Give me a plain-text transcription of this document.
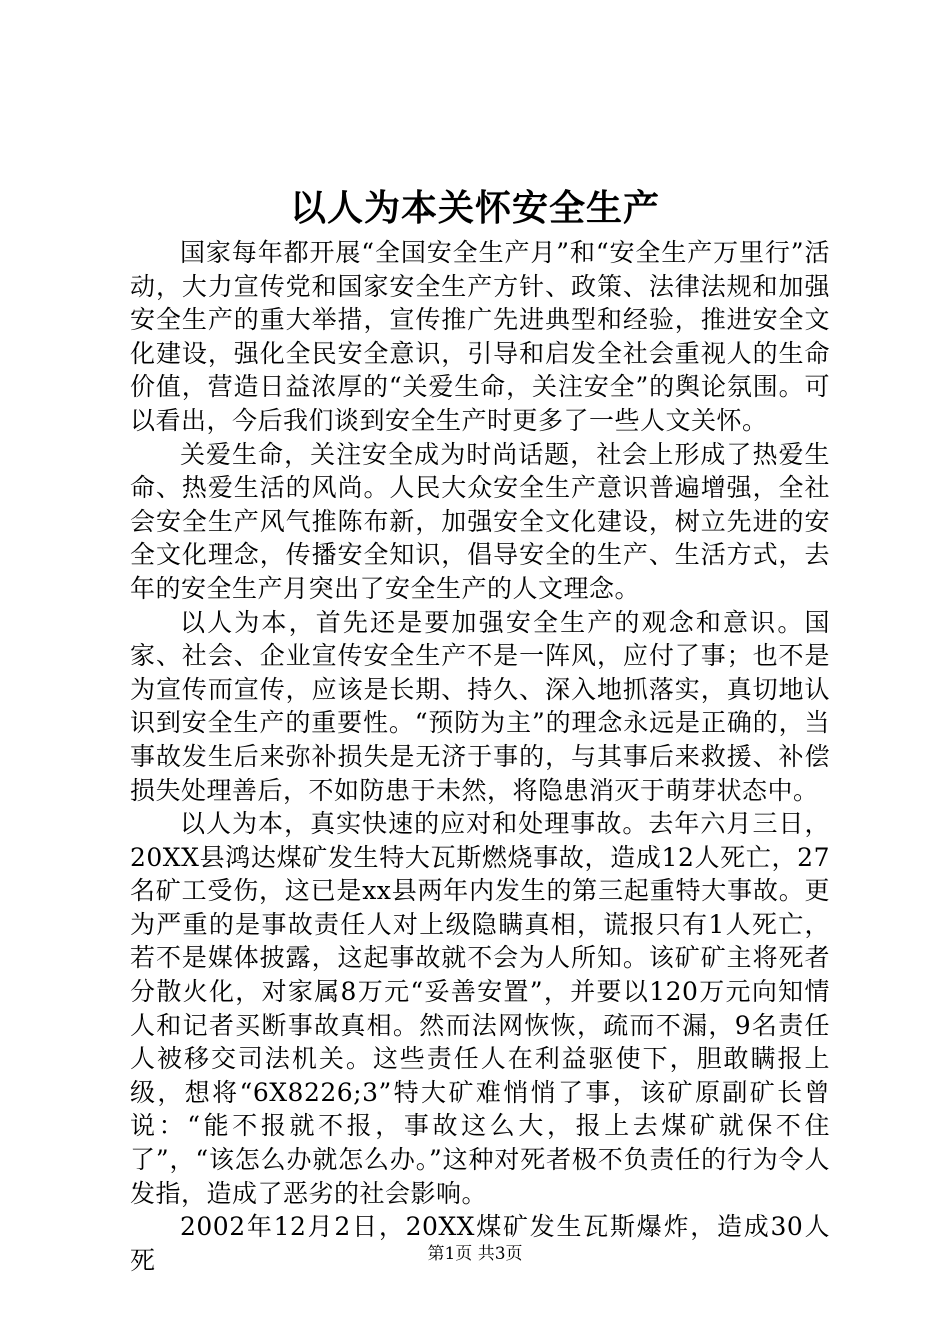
以人为本关怀安全生产

国家每年都开展“全国安全生产月”和“安全生产万里行”活动，大力宣传党和国家安全生产方针、政策、法律法规和加强安全生产的重大举措，宣传推广先进典型和经验，推进安全文化建设，强化全民安全意识，引导和启发全社会重视人的生命价值，营造日益浓厚的“关爱生命，关注安全”的舆论氛围。可以看出，今后我们谈到安全生产时更多了一些人文关怀。

关爱生命，关注安全成为时尚话题，社会上形成了热爱生命、热爱生活的风尚。人民大众安全生产意识普遍增强，全社会安全生产风气推陈布新，加强安全文化建设，树立先进的安全文化理念，传播安全知识，倡导安全的生产、生活方式，去年的安全生产月突出了安全生产的人文理念。

以人为本，首先还是要加强安全生产的观念和意识。国家、社会、企业宣传安全生产不是一阵风，应付了事；也不是为宣传而宣传，应该是长期、持久、深入地抓落实，真切地认识到安全生产的重要性。“预防为主”的理念永远是正确的，当事故发生后来弥补损失是无济于事的，与其事后来救援、补偿损失处理善后，不如防患于未然，将隐患消灭于萌芽状态中。

以人为本，真实快速的应对和处理事故。去年六月三日，20XX县鸿达煤矿发生特大瓦斯燃烧事故，造成12人死亡，27名矿工受伤，这已是xx县两年内发生的第三起重特大事故。更为严重的是事故责任人对上级隐瞒真相，谎报只有1人死亡，若不是媒体披露，这起事故就不会为人所知。该矿矿主将死者分散火化，对家属8万元“妥善安置”，并要以120万元向知情人和记者买断事故真相。然而法网恢恢，疏而不漏，9名责任人被移交司法机关。这些责任人在利益驱使下，胆敢瞒报上级，想将“6X8226;3”特大矿难悄悄了事，该矿原副矿长曾说：“能不报就不报，事故这么大，报上去煤矿就保不住了”，“该怎么办就怎么办。”这种对死者极不负责任的行为令人发指，造成了恶劣的社会影响。

2002年12月2日，20XX煤矿发生瓦斯爆炸，造成30人死	第1页 共3页
